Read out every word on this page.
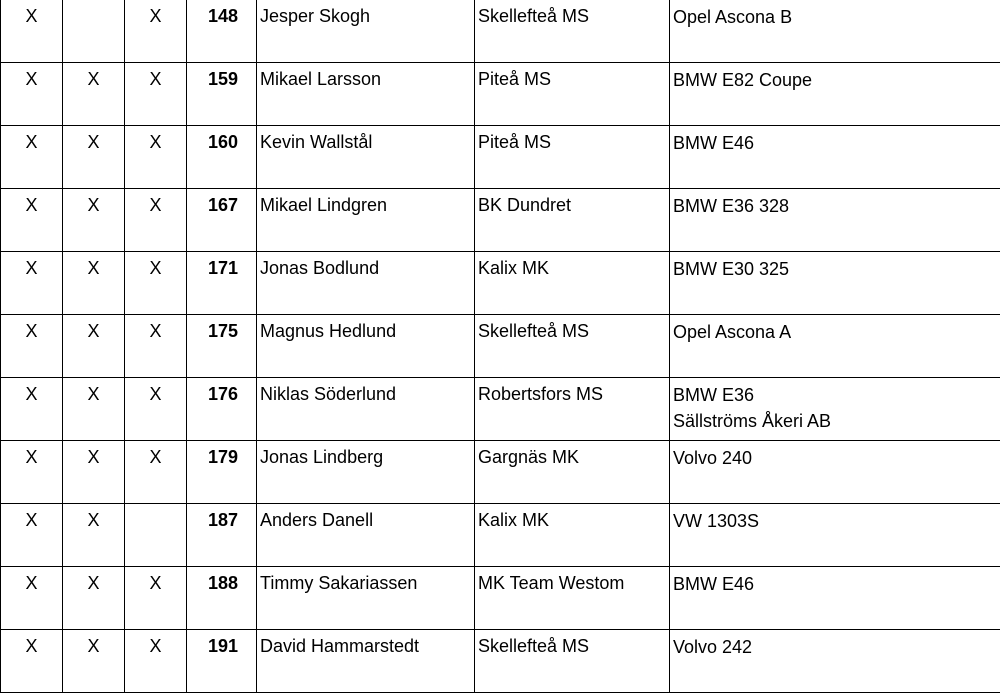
X		X	148	Jesper Skogh	Skellefteå MS	Opel Ascona B

X	X	X	159	Mikael Larsson	Piteå MS	BMW E82 Coupe

X	X	X	160	Kevin Wallstål	Piteå MS	BMW E46

X	X	X	167	Mikael Lindgren	BK Dundret	BMW E36 328

X	X	X	171	Jonas Bodlund	Kalix MK	BMW E30 325

X	X	X	175	Magnus Hedlund	Skellefteå MS	Opel Ascona A

X	X	X	176	Niklas Söderlund	Robertsfors MS	BMW E36
Sällströms Åkeri AB

X	X	X	179	Jonas Lindberg	Gargnäs MK	Volvo 240

X	X		187	Anders Danell	Kalix MK	VW 1303S

X	X	X	188	Timmy Sakariassen	MK Team Westom	BMW E46

X	X	X	191	David Hammarstedt	Skellefteå MS	Volvo 242
